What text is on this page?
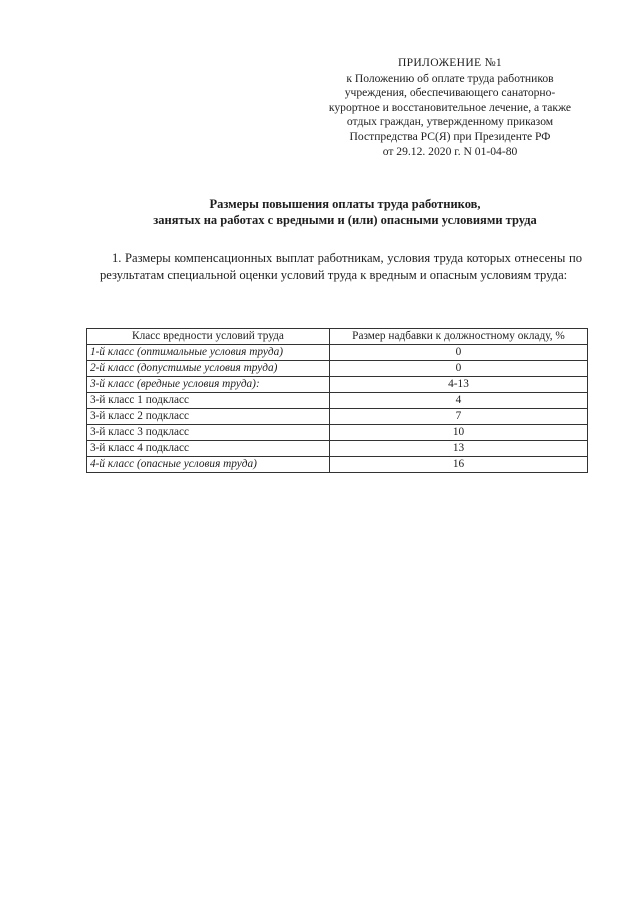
ПРИЛОЖЕНИЕ №1
к Положению об оплате труда работников
учреждения, обеспечивающего санаторно-
курортное и восстановительное лечение, а также
отдых граждан, утвержденному приказом
Постпредства РС(Я) при Президенте РФ
от 29.12. 2020 г. N 01-04-80
Размеры повышения оплаты труда работников,
занятых на работах с вредными и (или) опасными условиями труда
1. Размеры компенсационных выплат работникам, условия труда которых отнесены по результатам специальной оценки условий труда к вредным и опасным условиям труда:
Класс вредности условий труда	Размер надбавки к должностному окладу, %
1-й класс (оптимальные условия труда)	0
2-й класс (допустимые условия труда)	0
3-й класс (вредные условия труда):	4-13
3-й класс 1 подкласс	4
3-й класс 2 подкласс	7
3-й класс 3 подкласс	10
3-й класс 4 подкласс	13
4-й класс (опасные условия труда)	16
